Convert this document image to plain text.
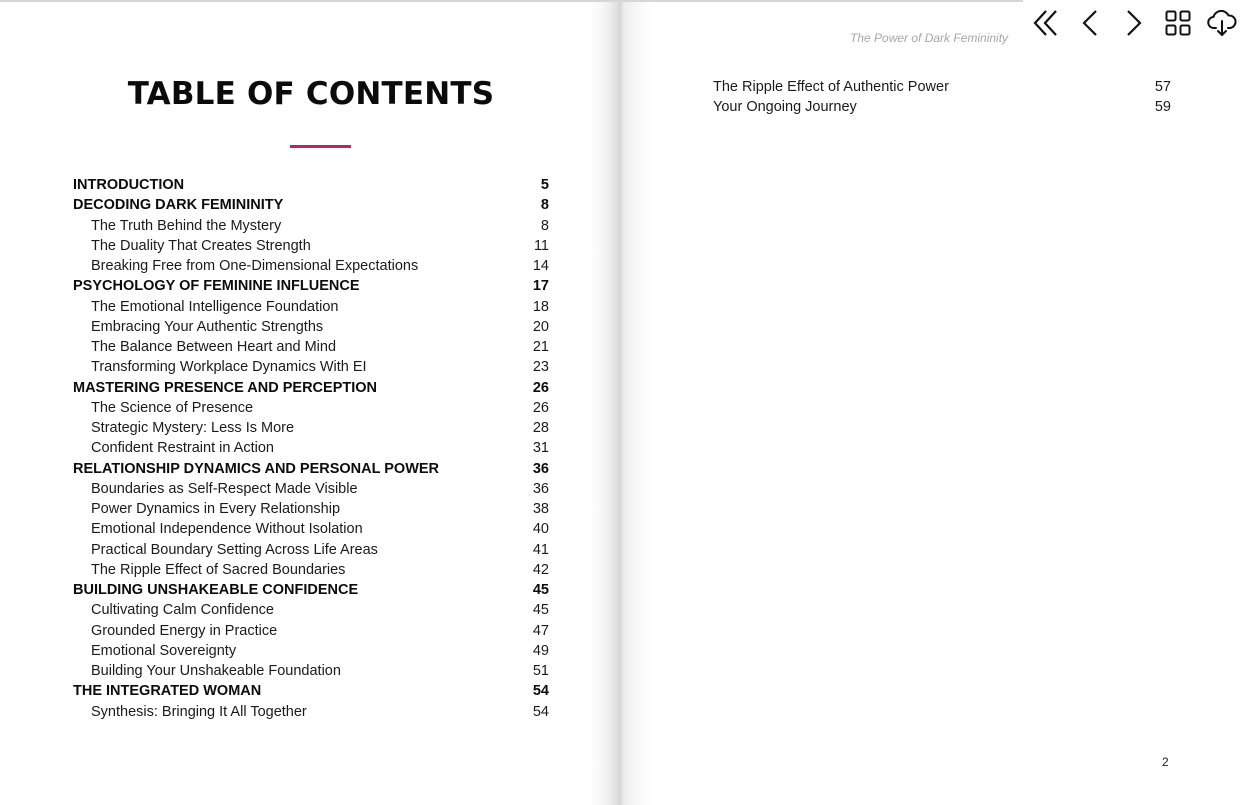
TABLE OF CONTENTS
INTRODUCTION	5
DECODING DARK FEMININITY	8
The Truth Behind the Mystery	8
The Duality That Creates Strength	11
Breaking Free from One-Dimensional Expectations	14
PSYCHOLOGY OF FEMININE INFLUENCE	17
The Emotional Intelligence Foundation	18
Embracing Your Authentic Strengths	20
The Balance Between Heart and Mind	21
Transforming Workplace Dynamics With EI	23
MASTERING PRESENCE AND PERCEPTION	26
The Science of Presence	26
Strategic Mystery: Less Is More	28
Confident Restraint in Action	31
RELATIONSHIP DYNAMICS AND PERSONAL POWER	36
Boundaries as Self-Respect Made Visible	36
Power Dynamics in Every Relationship	38
Emotional Independence Without Isolation	40
Practical Boundary Setting Across Life Areas	41
The Ripple Effect of Sacred Boundaries	42
BUILDING UNSHAKEABLE CONFIDENCE	45
Cultivating Calm Confidence	45
Grounded Energy in Practice	47
Emotional Sovereignty	49
Building Your Unshakeable Foundation	51
THE INTEGRATED WOMAN	54
Synthesis: Bringing It All Together	54
The Power of Dark Femininity
The Ripple Effect of Authentic Power	57
Your Ongoing Journey	59
2
